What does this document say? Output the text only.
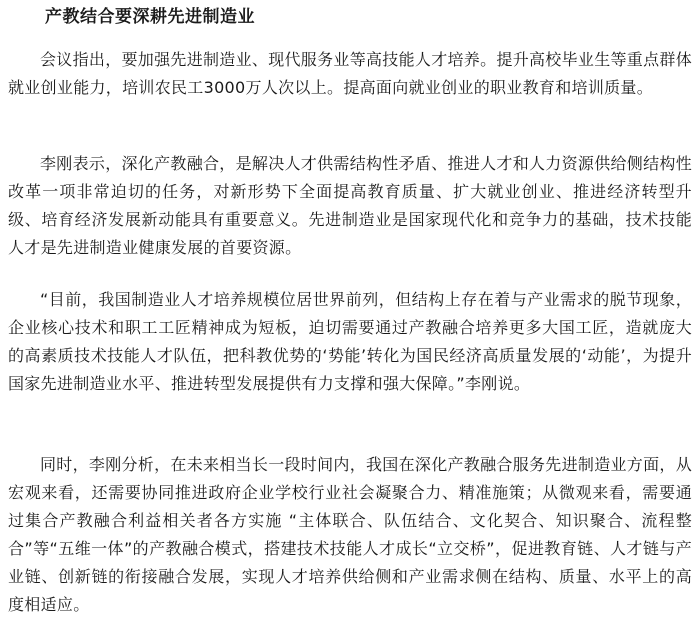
产教结合要深耕先进制造业

会议指出，要加强先进制造业、现代服务业等高技能人才培养。提升高校毕业生等重点群体就业创业能力，培训农民工3000万人次以上。提高面向就业创业的职业教育和培训质量。

李刚表示，深化产教融合，是解决人才供需结构性矛盾、推进人才和人力资源供给侧结构性改革一项非常迫切的任务，对新形势下全面提高教育质量、扩大就业创业、推进经济转型升级、培育经济发展新动能具有重要意义。先进制造业是国家现代化和竞争力的基础，技术技能人才是先进制造业健康发展的首要资源。

“目前，我国制造业人才培养规模位居世界前列，但结构上存在着与产业需求的脱节现象，企业核心技术和职工工匠精神成为短板，迫切需要通过产教融合培养更多大国工匠，造就庞大的高素质技术技能人才队伍，把科教优势的‘势能’转化为国民经济高质量发展的‘动能’，为提升国家先进制造业水平、推进转型发展提供有力支撑和强大保障。”李刚说。

同时，李刚分析，在未来相当长一段时间内，我国在深化产教融合服务先进制造业方面，从宏观来看，还需要协同推进政府企业学校行业社会凝聚合力、精准施策；从微观来看，需要通过集合产教融合利益相关者各方实施 “主体联合、队伍结合、文化契合、知识聚合、流程整合”等“五维一体”的产教融合模式，搭建技术技能人才成长“立交桥”，促进教育链、人才链与产业链、创新链的衔接融合发展，实现人才培养供给侧和产业需求侧在结构、质量、水平上的高度相适应。
